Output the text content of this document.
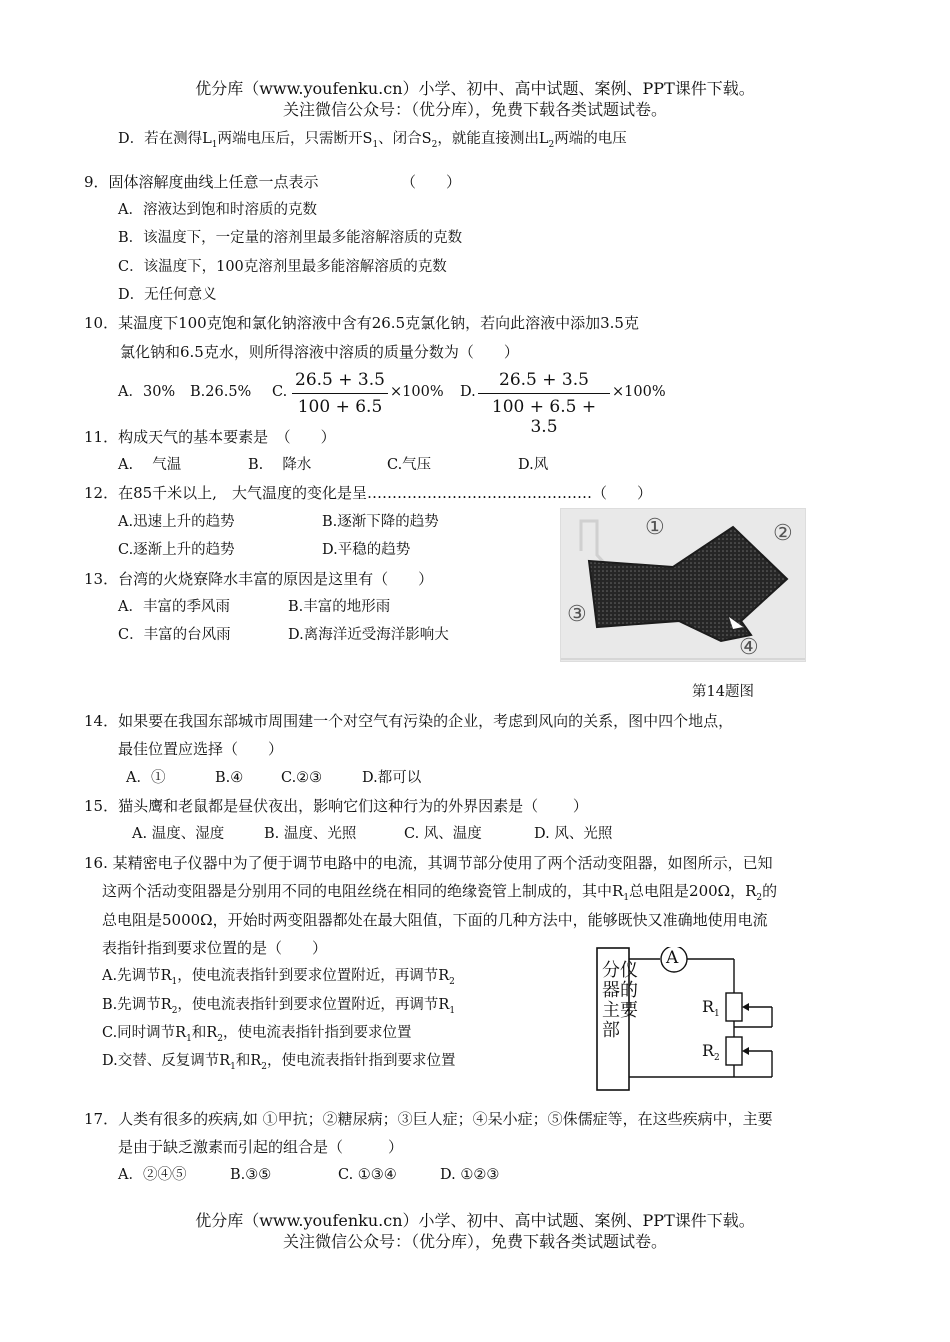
优分库（www.youfenku.cn）小学、初中、高中试题、案例、PPT课件下载。
关注微信公众号：（优分库），免费下载各类试题试卷。
D．若在测得$L_1$两端电压后，只需断开$S_1$、闭合$S_2$，就能直接测出$L_2$两端的电压
9．固体溶解度曲线上任意一点表示　　　　　　（　　）
A．溶液达到饱和时溶质的克数
B．该温度下，一定量的溶剂里最多能溶解溶质的克数
C．该温度下，100克溶剂里最多能溶解溶质的克数
D．无任何意义
10．某温度下100克饱和氯化钠溶液中含有26.5克氯化钠，若向此溶液中添加3.5克
氯化钠和6.5克水，则所得溶液中溶质的质量分数为（　　）
A．30% B.26.5% C.
26.5 + 3.5
100 + 6.5
×100% D.
26.5 + 3.5
100 + 6.5 + 3.5
×100%
11．构成天气的基本要素是　（　　）
A.　 气温	B.　 降水	C.气压	D.风
12．在85千米以上,　大气温度的变化是呈………………………………………（　　）
A.迅速上升的趋势	B.逐渐下降的趋势
C.逐渐上升的趋势	D.平稳的趋势
①	②
③
④
13．台湾的火烧寮降水丰富的原因是这里有（　　）
A．丰富的季风雨	B.丰富的地形雨
C．丰富的台风雨	D.离海洋近受海洋影响大
第14题图
14．如果要在我国东部城市周围建一个对空气有污染的企业，考虑到风向的关系，图中四个地点，
最佳位置应选择（　　）
A．①	B.④	C.②③	D.都可以
15．猫头鹰和老鼠都是昼伏夜出，影响它们这种行为的外界因素是（　　 ）
A. 温度、湿度	B. 温度、光照	C. 风、温度	D. 风、光照
16. 某精密电子仪器中为了便于调节电路中的电流，其调节部分使用了两个活动变阻器，如图所示，已知
这两个活动变阻器是分别用不同的电阻丝绕在相同的绝缘瓷管上制成的，其中$R_1$总电阻是200Ω，$R_2$的
总电阻是5000Ω，开始时两变阻器都处在最大阻值，下面的几种方法中，能够既快又准确地使用电流
表指针指到要求位置的是（　　）
A.先调节$R_1$，使电流表指针到要求位置附近，再调节$R_2$
B.先调节$R_2$，使电流表指针到要求位置附近，再调节$R_1$
C.同时调节$R_1$和$R_2$，使电流表指针指到要求位置
D.交替、反复调节$R_1$和$R_2$，使电流表指针指到要求位置
分仪器的主要部
A
$R_1$
$R_2$
17．人类有很多的疾病,如 ①甲抗；②糖尿病；③巨人症；④呆小症；⑤侏儒症等，在这些疾病中，主要
是由于缺乏激素而引起的组合是（　　　）
A．②④⑤	B.③⑤	C. ①③④	D. ①②③
优分库（www.youfenku.cn）小学、初中、高中试题、案例、PPT课件下载。
关注微信公众号：（优分库），免费下载各类试题试卷。
